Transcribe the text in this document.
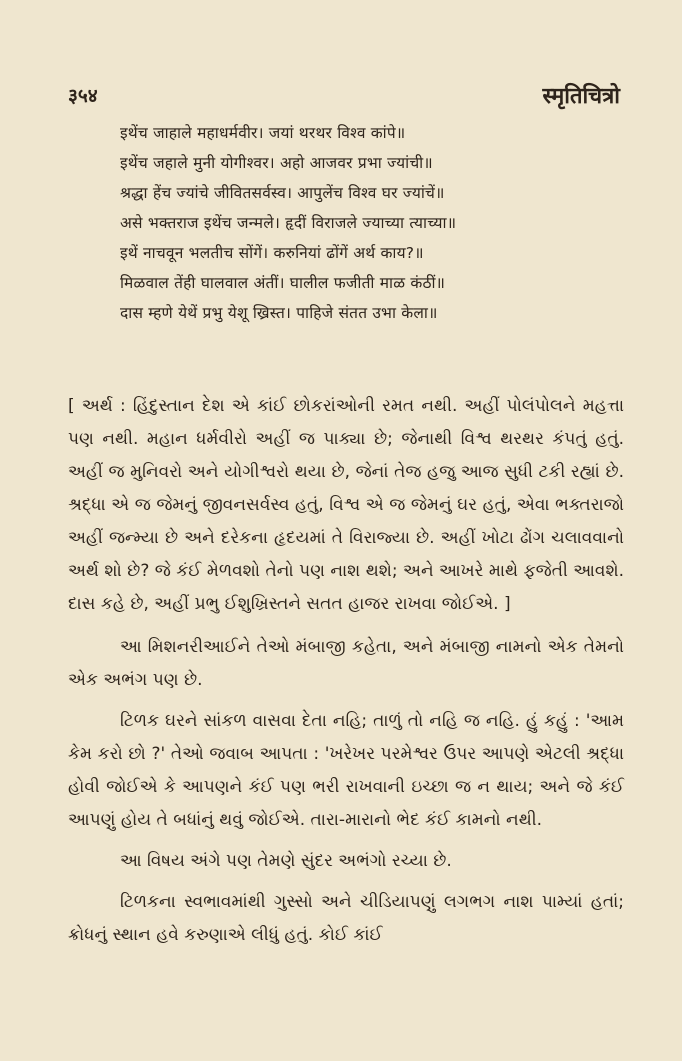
३५४	स्मृतिचित्रो
इथेंच जाहाले महाधर्मवीर। जयां थरथर विश्व कांपे॥
इथेंच जहाले मुनी योगीश्वर। अहो आजवर प्रभा ज्यांची॥
श्रद्धा हेंच ज्यांचे जीवितसर्वस्व। आपुलेंच विश्व घर ज्यांचें॥
असे भक्तराज इथेंच जन्मले। हृदीं विराजले ज्याच्या त्याच्या॥
इथें नाचवून भलतीच सोंगें। करुनियां ढोंगें अर्थ काय?॥
मिळवाल तेंही घालवाल अंतीं। घालील फजीती माळ कंठीं॥
दास म्हणे येथें प्रभु येशू ख्रिस्त। पाहिजे संतत उभा केला॥

[ અર્થ : હિંદુસ્તાન દેશ એ કાંઈ છોકરાંઓની રમત નથી. અહીં પોલંપોલને મહત્તા પણ નથી. મહાન ધર્મવીરો અહીં જ પાક્યા છે; જેનાથી વિશ્વ થરથર કંપતું હતું. અહીં જ મુનિવરો અને યોગીશ્વરો થયા છે, જેનાં તેજ હજુ આજ સુધી ટકી રહ્યાં છે. શ્રદ્ધા એ જ જેમનું જીવનસર્વસ્વ હતું, વિશ્વ એ જ જેમનું ઘર હતું, એવા ભક્તરાજો અહીં જન્મ્યા છે અને દરેકના હૃદયમાં તે વિરાજ્યા છે. અહીં ખોટા ઢોંગ ચલાવવાનો અર્થ શો છે? જે કંઈ મેળવશો તેનો પણ નાશ થશે; અને આખરે માથે ફજેતી આવશે. દાસ કહે છે, અહીં પ્રભુ ઈશુખ્રિસ્તને સતત હાજર રાખવા જોઈએ. ]

આ મિશનરીઆઈને તેઓ મંબાજી કહેતા, અને મંબાજી નામનો એક તેમનો એક અભંગ પણ છે.

ટિળક ઘરને સાંકળ વાસવા દેતા નહિ; તાળું તો નહિ જ નહિ. હું કહું : 'આમ કેમ કરો છો ?' તેઓ જવાબ આપતા : 'ખરેખર પરમેશ્વર ઉપર આપણે એટલી શ્રદ્ધા હોવી જોઈએ કે આપણને કંઈ પણ ભરી રાખવાની ઇચ્છા જ ન થાય; અને જે કંઈ આપણું હોય તે બધાંનું થવું જોઈએ. તારા-મારાનો ભેદ કંઈ કામનો નથી.

આ વિષય અંગે પણ તેમણે સુંદર અભંગો રચ્યા છે.

ટિળકના સ્વભાવમાંથી ગુસ્સો અને ચીડિયાપણું લગભગ નાશ પામ્યાં હતાં; ક્રોધનું સ્થાન હવે કરુણાએ લીધું હતું. કોઈ કાંઈ
